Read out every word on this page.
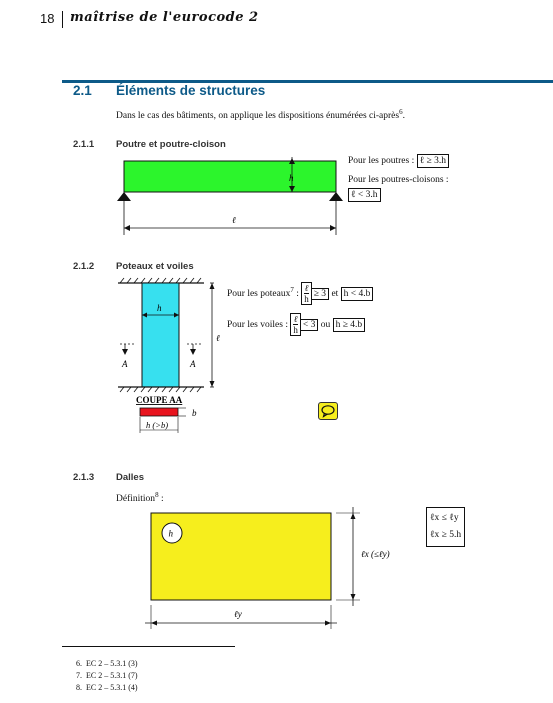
18 maîtrise de l'eurocode 2
2.1 Éléments de structures
Dans le cas des bâtiments, on applique les dispositions énumérées ci-après$^6$.
2.1.1 Poutre et poutre-cloison
h
ℓ
Pour les poutres : ℓ ≥ 3.h
Pour les poutres-cloisons :
ℓ < 3.h
2.1.2 Poteaux et voiles
h
A	A
ℓ
COUPE AA
b
h (>b)
Pour les poteaux$^7$ : $\frac{\text{ℓ}}{h} \ge 3$ et h < 4.b
Pour les voiles : $\frac{\text{ℓ}}{h} < 3$ ou h ≥ 4.b
2.1.3 Dalles
Définition$^8$ :
h
ℓx (≤ℓy)
ℓy
ℓx ≤ ℓy
ℓx ≥ 5.h
6. EC 2 – 5.3.1 (3)
7. EC 2 – 5.3.1 (7)
8. EC 2 – 5.3.1 (4)
